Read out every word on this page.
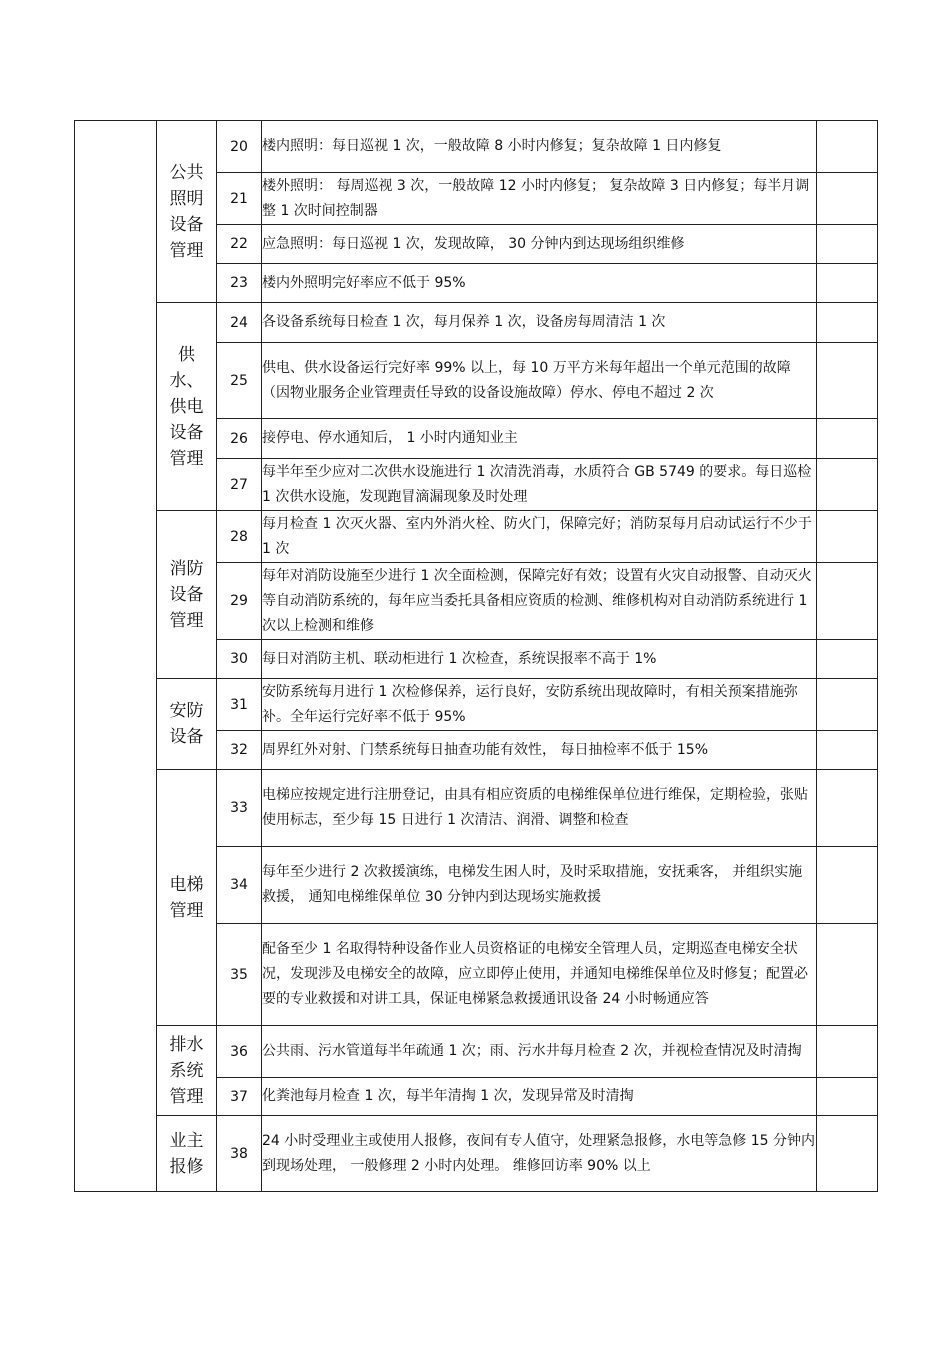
	公共照明设备管理	20	楼内照明：每日巡视 1 次，一般故障 8 小时内修复；复杂故障 1 日内修复	
		21	楼外照明： 每周巡视 3 次，一般故障 12 小时内修复； 复杂故障 3 日内修复；每半月调整 1 次时间控制器	
		22	应急照明：每日巡视 1 次，发现故障， 30 分钟内到达现场组织维修	
		23	楼内外照明完好率应不低于 95%	
	供水、供电设备管理	24	各设备系统每日检查 1 次，每月保养 1 次，设备房每周清洁 1 次	
		25	供电、供水设备运行完好率 99% 以上，每 10 万平方米每年超出一个单元范围的故障（因物业服务企业管理责任导致的设备设施故障）停水、停电不超过 2 次	
		26	接停电、停水通知后， 1 小时内通知业主	
		27	每半年至少应对二次供水设施进行 1 次清洗消毒，水质符合 GB 5749 的要求。每日巡检 1 次供水设施，发现跑冒滴漏现象及时处理	
	消防设备管理	28	每月检查 1 次灭火器、室内外消火栓、防火门，保障完好；消防泵每月启动试运行不少于 1 次	
		29	每年对消防设施至少进行 1 次全面检测，保障完好有效；设置有火灾自动报警、自动灭火等自动消防系统的，每年应当委托具备相应资质的检测、维修机构对自动消防系统进行 1 次以上检测和维修	
		30	每日对消防主机、联动柜进行 1 次检查，系统误报率不高于 1%	
	安防设备	31	安防系统每月进行 1 次检修保养，运行良好，安防系统出现故障时，有相关预案措施弥补。全年运行完好率不低于 95%	
		32	周界红外对射、门禁系统每日抽查功能有效性， 每日抽检率不低于 15%	
	电梯管理	33	电梯应按规定进行注册登记，由具有相应资质的电梯维保单位进行维保，定期检验，张贴使用标志，至少每 15 日进行 1 次清洁、润滑、调整和检查	
		34	每年至少进行 2 次救援演练，电梯发生困人时，及时采取措施，安抚乘客， 并组织实施救援， 通知电梯维保单位 30 分钟内到达现场实施救援	
		35	配备至少 1 名取得特种设备作业人员资格证的电梯安全管理人员，定期巡查电梯安全状况，发现涉及电梯安全的故障，应立即停止使用，并通知电梯维保单位及时修复；配置必要的专业救援和对讲工具，保证电梯紧急救援通讯设备 24 小时畅通应答	
	排水系统管理	36	公共雨、污水管道每半年疏通 1 次；雨、污水井每月检查 2 次，并视检查情况及时清掏	
		37	化粪池每月检查 1 次，每半年清掏 1 次，发现异常及时清掏	
	业主报修	38	24 小时受理业主或使用人报修，夜间有专人值守，处理紧急报修，水电等急修 15 分钟内到现场处理， 一般修理 2 小时内处理。 维修回访率 90% 以上	
